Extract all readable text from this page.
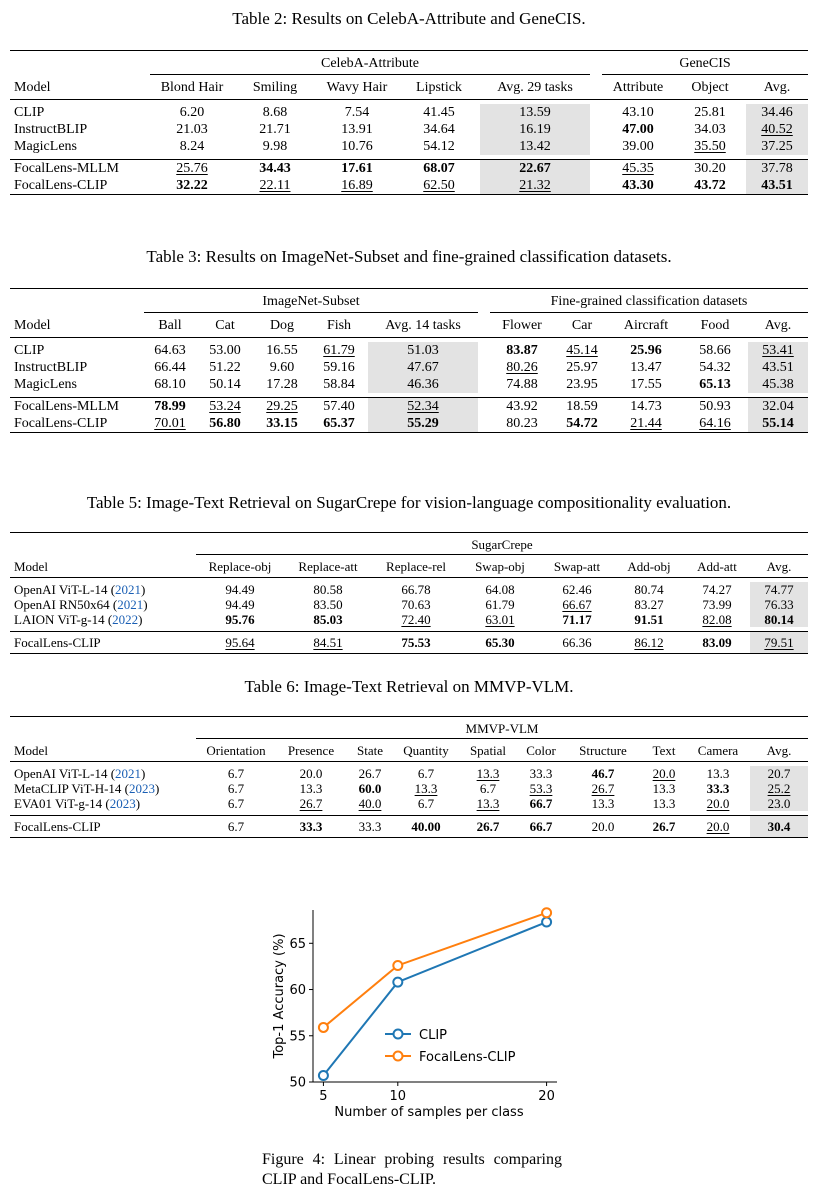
Table 2: Results on CelebA-Attribute and GeneCIS.
	CelebA-Attribute						GeneCIS		
Model	Blond Hair	Smiling	Wavy Hair	Lipstick	Avg. 29 tasks		Attribute	Object	Avg.

CLIP	6.20	8.68	7.54	41.45	13.59		43.10	25.81	34.46
InstructBLIP	21.03	21.71	13.91	34.64	16.19		47.00	34.03	40.52
MagicLens	8.24	9.98	10.76	54.12	13.42		39.00	35.50	37.25

FocalLens-MLLM	25.76	34.43	17.61	68.07	22.67		45.35	30.20	37.78
FocalLens-CLIP	32.22	22.11	16.89	62.50	21.32		43.30	43.72	43.51
Table 3: Results on ImageNet-Subset and fine-grained classification datasets.
	ImageNet-Subset						Fine-grained classification datasets				
Model	Ball	Cat	Dog	Fish	Avg. 14 tasks		Flower	Car	Aircraft	Food	Avg.

CLIP	64.63	53.00	16.55	61.79	51.03		83.87	45.14	25.96	58.66	53.41
InstructBLIP	66.44	51.22	9.60	59.16	47.67		80.26	25.97	13.47	54.32	43.51
MagicLens	68.10	50.14	17.28	58.84	46.36		74.88	23.95	17.55	65.13	45.38

FocalLens-MLLM	78.99	53.24	29.25	57.40	52.34		43.92	18.59	14.73	50.93	32.04
FocalLens-CLIP	70.01	56.80	33.15	65.37	55.29		80.23	54.72	21.44	64.16	55.14
Table 5: Image-Text Retrieval on SugarCrepe for vision-language compositionality evaluation.
	SugarCrepe							
Model	Replace-obj	Replace-att	Replace-rel	Swap-obj	Swap-att	Add-obj	Add-att	Avg.

OpenAI ViT-L-14 (2021)	94.49	80.58	66.78	64.08	62.46	80.74	74.27	74.77
OpenAI RN50x64 (2021)	94.49	83.50	70.63	61.79	66.67	83.27	73.99	76.33
LAION ViT-g-14 (2022)	95.76	85.03	72.40	63.01	71.17	91.51	82.08	80.14

FocalLens-CLIP	95.64	84.51	75.53	65.30	66.36	86.12	83.09	79.51
Table 6: Image-Text Retrieval on MMVP-VLM.
	MMVP-VLM									
Model	Orientation	Presence	State	Quantity	Spatial	Color	Structure	Text	Camera	Avg.

OpenAI ViT-L-14 (2021)	6.7	20.0	26.7	6.7	13.3	33.3	46.7	20.0	13.3	20.7
MetaCLIP ViT-H-14 (2023)	6.7	13.3	60.0	13.3	6.7	53.3	26.7	13.3	33.3	25.2
EVA01 ViT-g-14 (2023)	6.7	26.7	40.0	6.7	13.3	66.7	13.3	13.3	20.0	23.0

FocalLens-CLIP	6.7	33.3	33.3	40.00	26.7	66.7	20.0	26.7	20.0	30.4
5	10	20
50
55
60
65
Number of samples per class
Top-1 Accuracy (%)	CLIP
FocalLens-CLIP
Figure 4: Linear probing results comparing CLIP and FocalLens-CLIP.
